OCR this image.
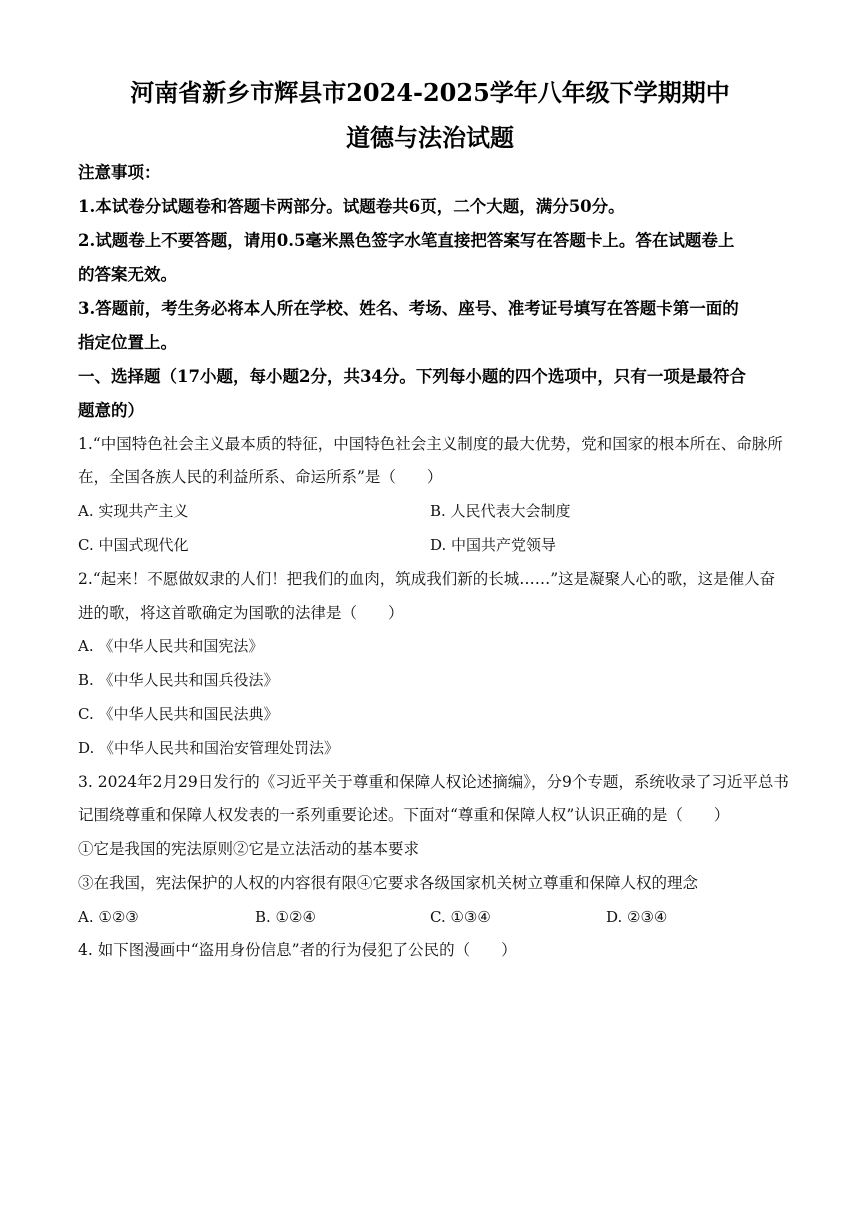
河南省新乡市辉县市2024-2025学年八年级下学期期中
道德与法治试题
注意事项：
1.本试卷分试题卷和答题卡两部分。试题卷共6页，二个大题，满分50分。
2.试题卷上不要答题，请用0.5毫米黑色签字水笔直接把答案写在答题卡上。答在试题卷上
的答案无效。
3.答题前，考生务必将本人所在学校、姓名、考场、座号、准考证号填写在答题卡第一面的
指定位置上。
一、选择题（17小题，每小题2分，共34分。下列每小题的四个选项中，只有一项是最符合
题意的）
1.“中国特色社会主义最本质的特征，中国特色社会主义制度的最大优势，党和国家的根本所在、命脉所
在，全国各族人民的利益所系、命运所系”是（　　）
A. 实现共产主义	B. 人民代表大会制度
C. 中国式现代化	D. 中国共产党领导
2.“起来！不愿做奴隶的人们！把我们的血肉，筑成我们新的长城……”这是凝聚人心的歌，这是催人奋
进的歌，将这首歌确定为国歌的法律是（　　）
A. 《中华人民共和国宪法》
B. 《中华人民共和国兵役法》
C. 《中华人民共和国民法典》
D. 《中华人民共和国治安管理处罚法》
3. 2024年2月29日发行的《习近平关于尊重和保障人权论述摘编》，分9个专题，系统收录了习近平总书
记围绕尊重和保障人权发表的一系列重要论述。下面对“尊重和保障人权”认识正确的是（　　）
①它是我国的宪法原则②它是立法活动的基本要求
③在我国，宪法保护的人权的内容很有限④它要求各级国家机关树立尊重和保障人权的理念
A. ①②③	B. ①②④	C. ①③④	D. ②③④
4. 如下图漫画中“盗用身份信息”者的行为侵犯了公民的（　　）
